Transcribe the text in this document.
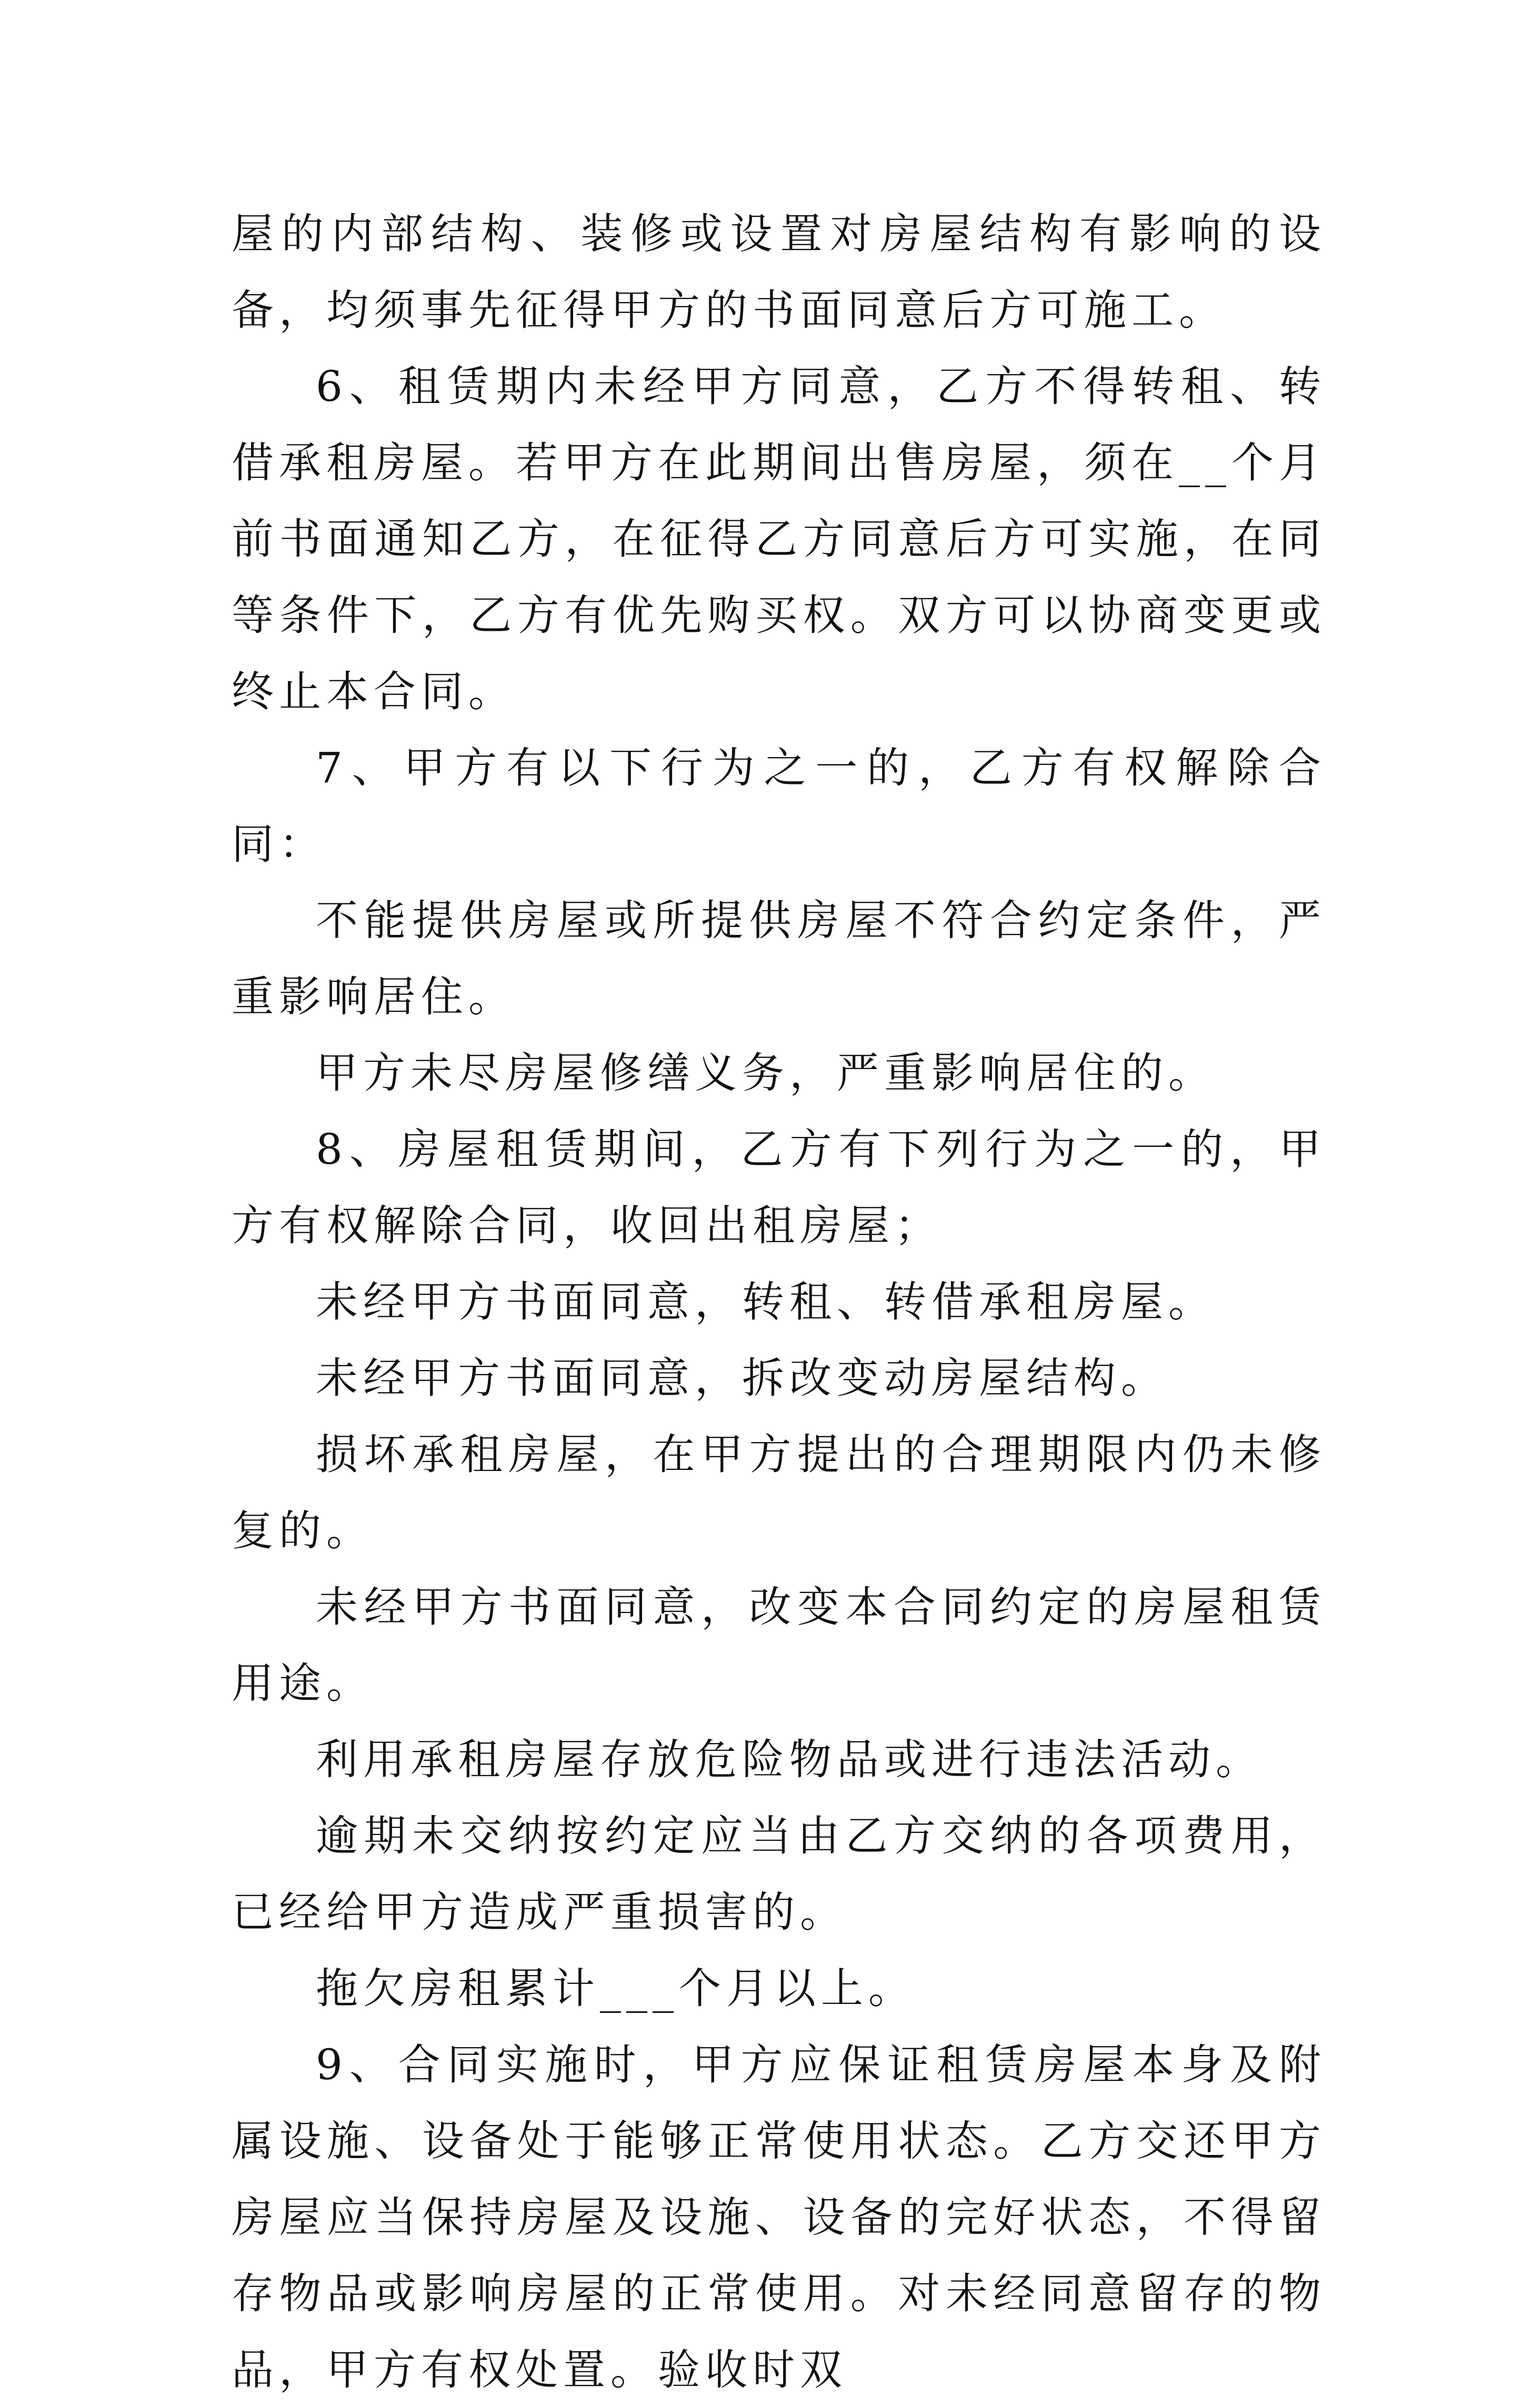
屋的内部结构、装修或设置对房屋结构有影响的设备，均须事先征得甲方的书面同意后方可施工。

6、租赁期内未经甲方同意，乙方不得转租、转借承租房屋。若甲方在此期间出售房屋，须在__个月前书面通知乙方，在征得乙方同意后方可实施，在同等条件下，乙方有优先购买权。双方可以协商变更或终止本合同。

7、甲方有以下行为之一的，乙方有权解除合同：

不能提供房屋或所提供房屋不符合约定条件，严重影响居住。

甲方未尽房屋修缮义务，严重影响居住的。

8、房屋租赁期间，乙方有下列行为之一的，甲方有权解除合同，收回出租房屋；

未经甲方书面同意，转租、转借承租房屋。

未经甲方书面同意，拆改变动房屋结构。

损坏承租房屋，在甲方提出的合理期限内仍未修复的。

未经甲方书面同意，改变本合同约定的房屋租赁用途。

利用承租房屋存放危险物品或进行违法活动。

逾期未交纳按约定应当由乙方交纳的各项费用，已经给甲方造成严重损害的。

拖欠房租累计___个月以上。

9、合同实施时，甲方应保证租赁房屋本身及附属设施、设备处于能够正常使用状态。乙方交还甲方房屋应当保持房屋及设施、设备的完好状态，不得留存物品或影响房屋的正常使用。对未经同意留存的物品，甲方有权处置。验收时双
